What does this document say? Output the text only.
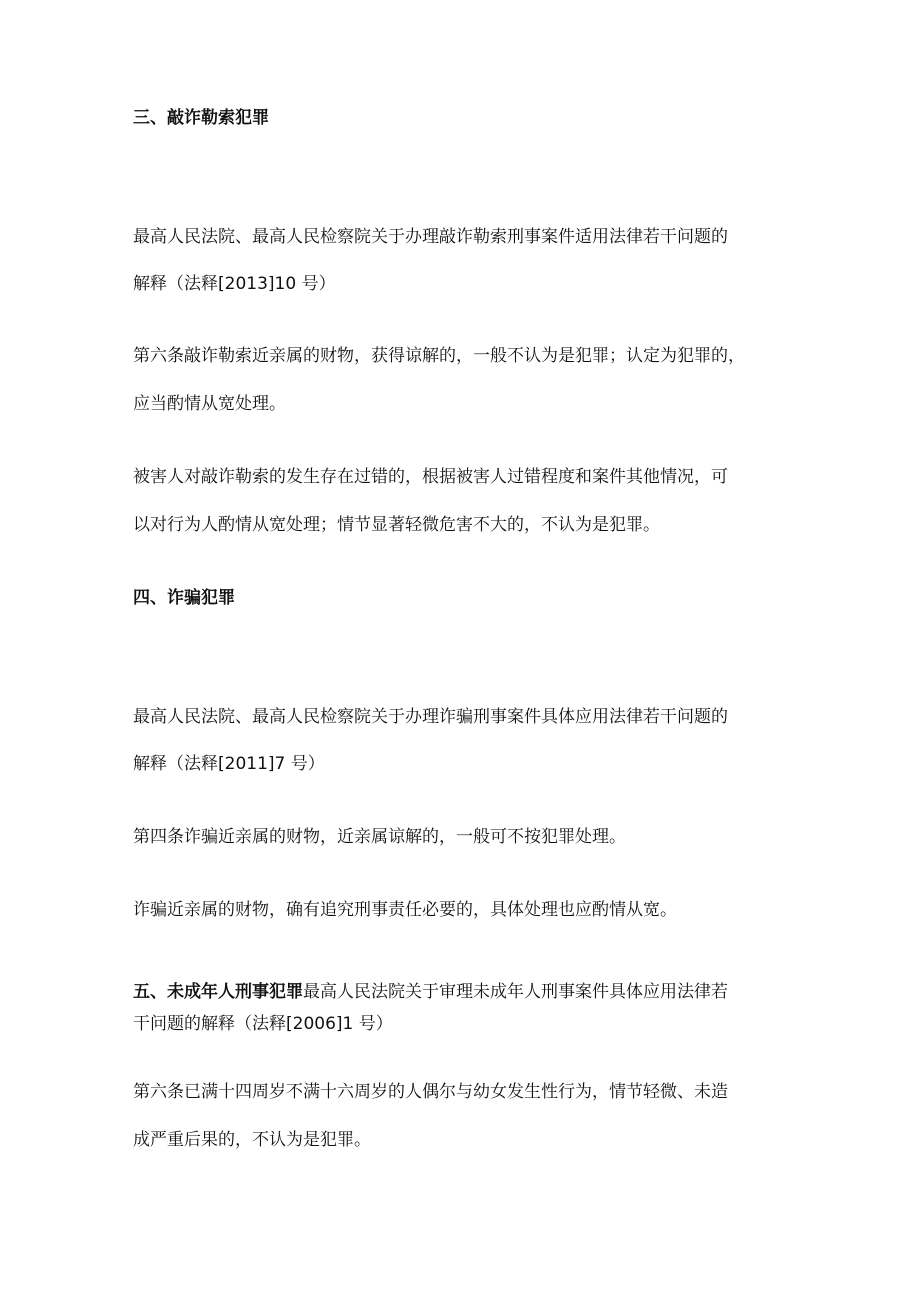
三、敲诈勒索犯罪

最高人民法院、最高人民检察院关于办理敲诈勒索刑事案件适用法律若干问题的

解释（法释[2013]10 号）

第六条敲诈勒索近亲属的财物，获得谅解的，一般不认为是犯罪；认定为犯罪的，

应当酌情从宽处理。

被害人对敲诈勒索的发生存在过错的，根据被害人过错程度和案件其他情况，可

以对行为人酌情从宽处理；情节显著轻微危害不大的，不认为是犯罪。

四、诈骗犯罪

最高人民法院、最高人民检察院关于办理诈骗刑事案件具体应用法律若干问题的

解释（法释[2011]7 号）

第四条诈骗近亲属的财物，近亲属谅解的，一般可不按犯罪处理。

诈骗近亲属的财物，确有追究刑事责任必要的，具体处理也应酌情从宽。

五、未成年人刑事犯罪最高人民法院关于审理未成年人刑事案件具体应用法律若

干问题的解释（法释[2006]1 号）

第六条已满十四周岁不满十六周岁的人偶尔与幼女发生性行为，情节轻微、未造

成严重后果的，不认为是犯罪。
